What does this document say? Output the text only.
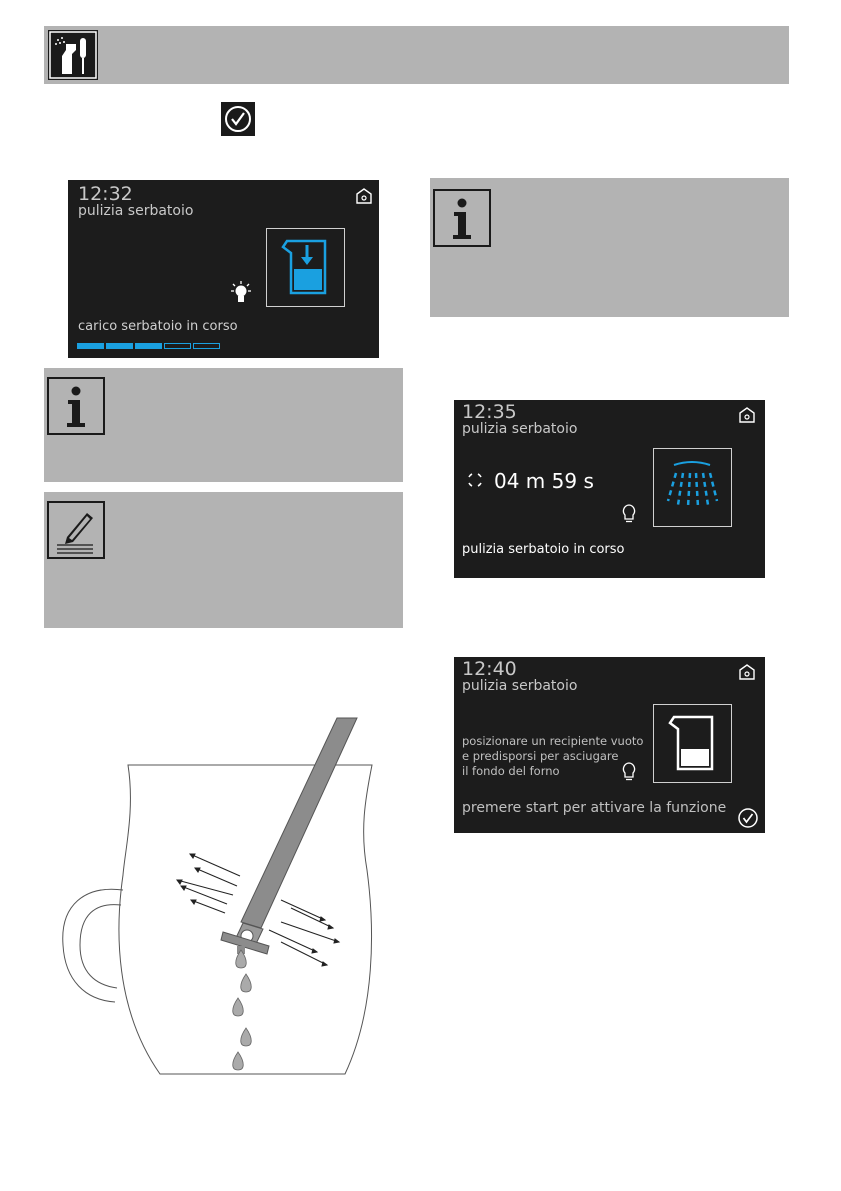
12:32
pulizia serbatoio
carico serbatoio in corso
12:35
pulizia serbatoio
04 m 59 s
pulizia serbatoio in corso
12:40
pulizia serbatoio
posizionare un recipiente vuoto
e predisporsi per asciugare
il fondo del forno
premere start per attivare la funzione
